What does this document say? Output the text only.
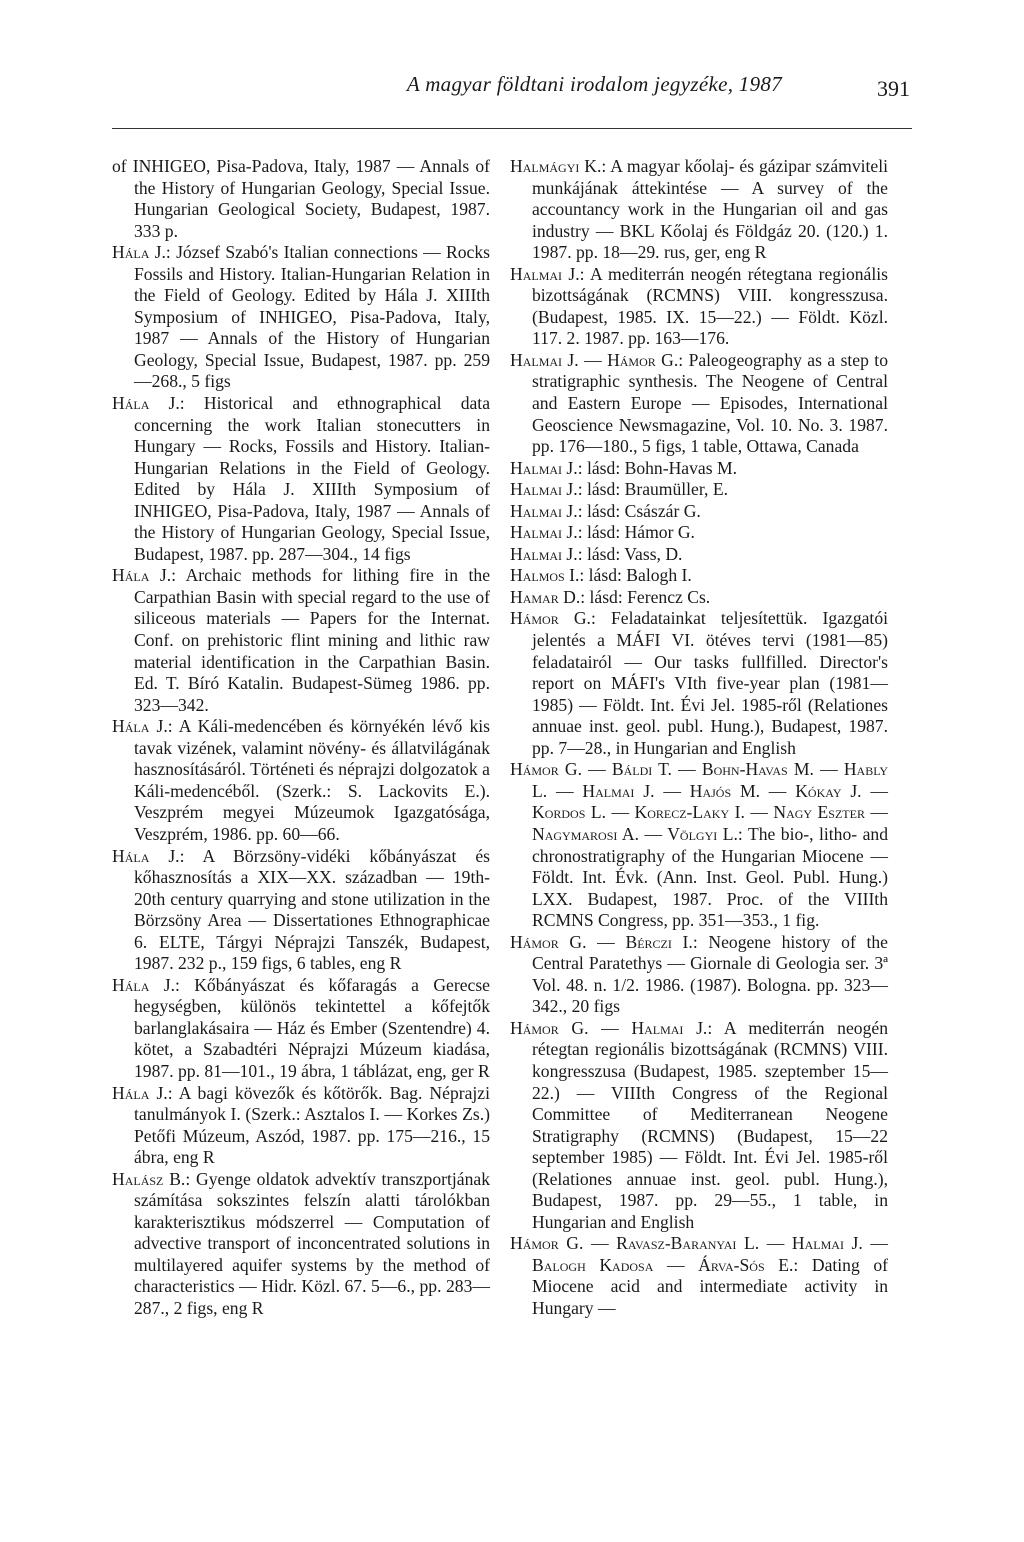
A magyar földtani irodalom jegyzéke, 1987	391

of INHIGEO, Pisa-Padova, Italy, 1987 — Annals of the History of Hungarian Geology, Special Issue. Hungarian Geological Society, Budapest, 1987. 333 p.

Hála J.: József Szabó's Italian connections — Rocks Fossils and History. Italian-Hungarian Relation in the Field of Geology. Edited by Hála J. XIIIth Symposium of INHIGEO, Pisa-Padova, Italy, 1987 — Annals of the History of Hungarian Geology, Special Issue, Budapest, 1987. pp. 259—268., 5 figs

Hála J.: Historical and ethnographical data concerning the work Italian stonecutters in Hungary — Rocks, Fossils and History. Italian-Hungarian Relations in the Field of Geology. Edited by Hála J. XIIIth Symposium of INHIGEO, Pisa-Padova, Italy, 1987 — Annals of the History of Hungarian Geology, Special Issue, Budapest, 1987. pp. 287—304., 14 figs

Hála J.: Archaic methods for lithing fire in the Carpathian Basin with special regard to the use of siliceous materials — Papers for the Internat. Conf. on prehistoric flint mining and lithic raw material identification in the Carpathian Basin. Ed. T. Bíró Katalin. Budapest-Sümeg 1986. pp. 323—342.

Hála J.: A Káli-medencében és környékén lévő kis tavak vizének, valamint növény- és állatvilágának hasznosításáról. Történeti és néprajzi dolgozatok a Káli-medencéből. (Szerk.: S. Lackovits E.). Veszprém megyei Múzeumok Igazgatósága, Veszprém, 1986. pp. 60—66.

Hála J.: A Börzsöny-vidéki kőbányászat és kőhasznosítás a XIX—XX. században — 19th-20th century quarrying and stone utilization in the Börzsöny Area — Dissertationes Ethnographicae 6. ELTE, Tárgyi Néprajzi Tanszék, Budapest, 1987. 232 p., 159 figs, 6 tables, eng R

Hála J.: Kőbányászat és kőfaragás a Gerecse hegységben, különös tekintettel a kőfejtők barlanglakásaira — Ház és Ember (Szentendre) 4. kötet, a Szabadtéri Néprajzi Múzeum kiadása, 1987. pp. 81—101., 19 ábra, 1 táblázat, eng, ger R

Hála J.: A bagi kövezők és kőtörők. Bag. Néprajzi tanulmányok I. (Szerk.: Asztalos I. — Korkes Zs.) Petőfi Múzeum, Aszód, 1987. pp. 175—216., 15 ábra, eng R

Halász B.: Gyenge oldatok advektív transzportjának számítása sokszintes felszín alatti tárolókban karakterisztikus módszerrel — Computation of advective transport of inconcentrated solutions in multilayered aquifer systems by the method of characteristics — Hidr. Közl. 67. 5—6., pp. 283—287., 2 figs, eng R

Halmágyi K.: A magyar kőolaj- és gázipar számviteli munkájának áttekintése — A survey of the accountancy work in the Hungarian oil and gas industry — BKL Kőolaj és Földgáz 20. (120.) 1. 1987. pp. 18—29. rus, ger, eng R

Halmai J.: A mediterrán neogén rétegtana regionális bizottságának (RCMNS) VIII. kongresszusa. (Budapest, 1985. IX. 15—22.) — Földt. Közl. 117. 2. 1987. pp. 163—176.

Halmai J. — Hámor G.: Paleogeography as a step to stratigraphic synthesis. The Neogene of Central and Eastern Europe — Episodes, International Geoscience Newsmagazine, Vol. 10. No. 3. 1987. pp. 176—180., 5 figs, 1 table, Ottawa, Canada

Halmai J.: lásd: Bohn-Havas M.

Halmai J.: lásd: Braumüller, E.

Halmai J.: lásd: Császár G.

Halmai J.: lásd: Hámor G.

Halmai J.: lásd: Vass, D.

Halmos I.: lásd: Balogh I.

Hamar D.: lásd: Ferencz Cs.

Hámor G.: Feladatainkat teljesítettük. Igazgatói jelentés a MÁFI VI. ötéves tervi (1981—85) feladatairól — Our tasks fullfilled. Director's report on MÁFI's VIth five-year plan (1981—1985) — Földt. Int. Évi Jel. 1985-ről (Relationes annuae inst. geol. publ. Hung.), Budapest, 1987. pp. 7—28., in Hungarian and English

Hámor G. — Báldi T. — Bohn-Havas M. — Hably L. — Halmai J. — Hajós M. — Kókay J. — Kordos L. — Korecz-Laky I. — Nagy Eszter — Nagymarosi A. — Völgyi L.: The bio-, litho- and chronostratigraphy of the Hungarian Miocene — Földt. Int. Évk. (Ann. Inst. Geol. Publ. Hung.) LXX. Budapest, 1987. Proc. of the VIIIth RCMNS Congress, pp. 351—353., 1 fig.

Hámor G. — Bérczi I.: Neogene history of the Central Paratethys — Giornale di Geologia ser. 3ª Vol. 48. n. 1/2. 1986. (1987). Bologna. pp. 323—342., 20 figs

Hámor G. — Halmai J.: A mediterrán neogén rétegtan regionális bizottságának (RCMNS) VIII. kongresszusa (Budapest, 1985. szeptember 15—22.) — VIIIth Congress of the Regional Committee of Mediterranean Neogene Stratigraphy (RCMNS) (Budapest, 15—22 september 1985) — Földt. Int. Évi Jel. 1985-ről (Relationes annuae inst. geol. publ. Hung.), Budapest, 1987. pp. 29—55., 1 table, in Hungarian and English

Hámor G. — Ravasz-Baranyai L. — Halmai J. — Balogh Kadosa — Árva-Sós E.: Dating of Miocene acid and intermediate activity in Hungary —
